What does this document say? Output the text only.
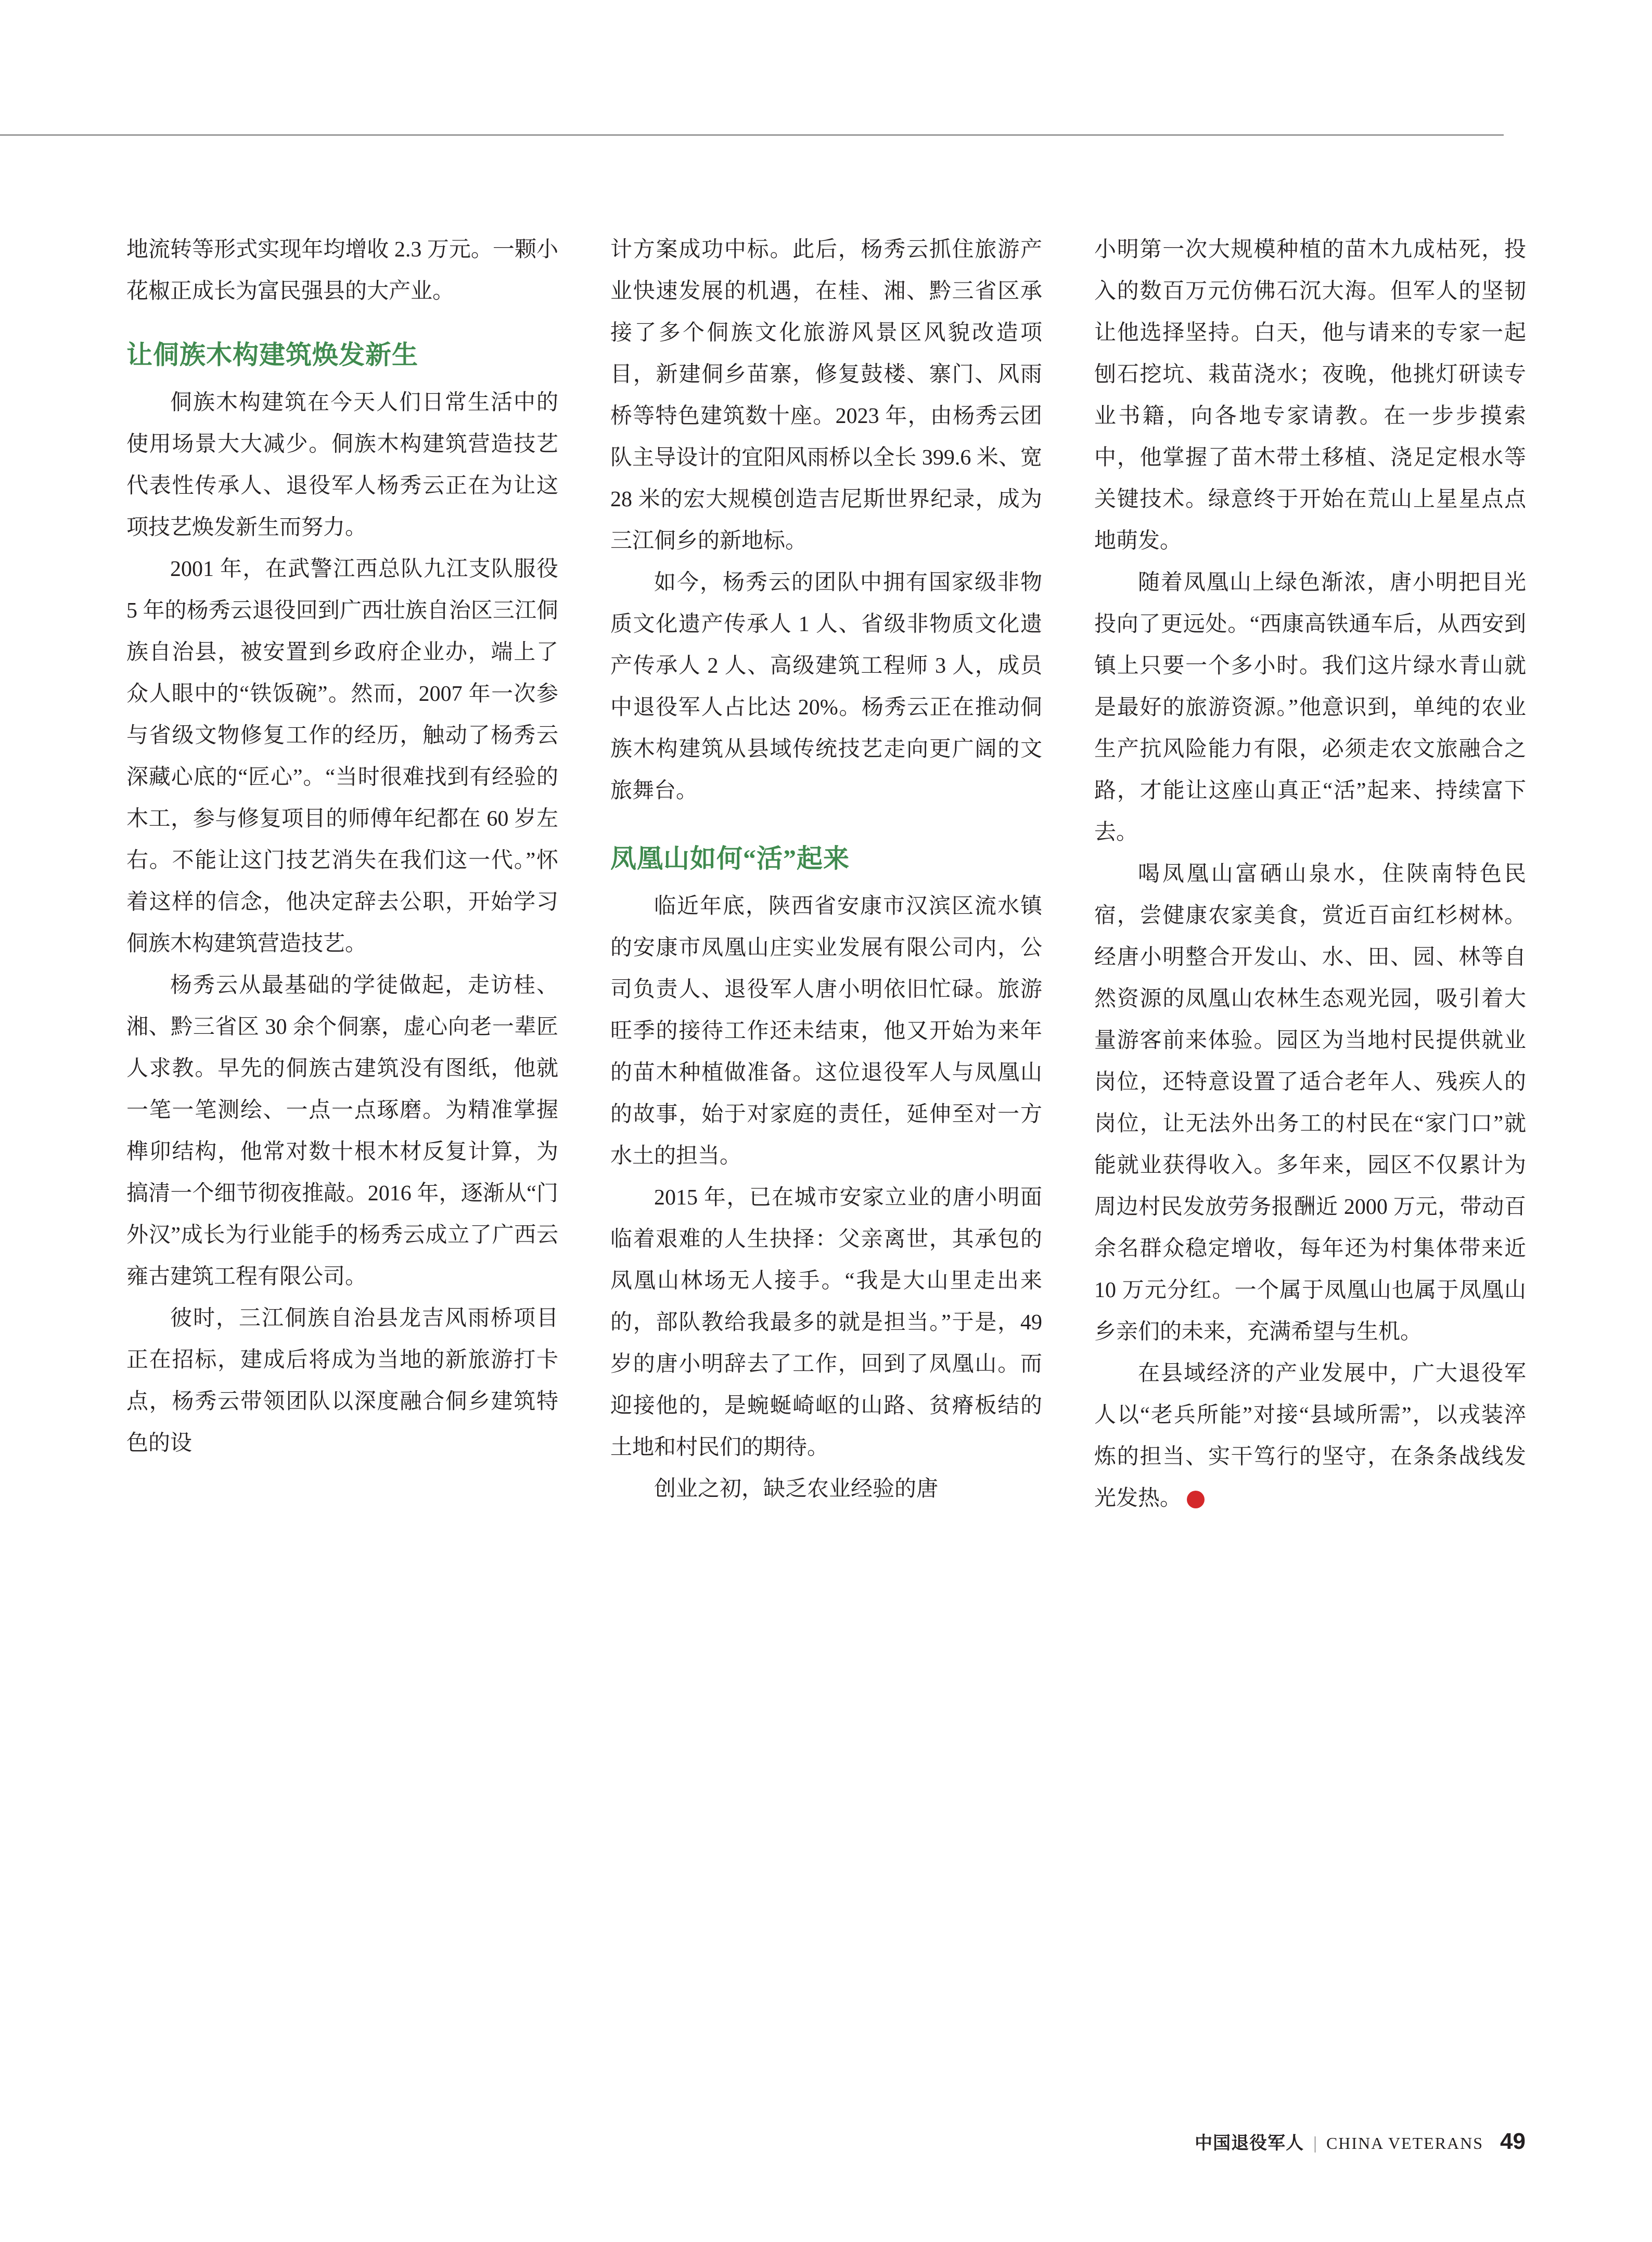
地流转等形式实现年均增收 2.3 万元。一颗小花椒正成长为富民强县的大产业。

让侗族木构建筑焕发新生

侗族木构建筑在今天人们日常生活中的使用场景大大减少。侗族木构建筑营造技艺代表性传承人、退役军人杨秀云正在为让这项技艺焕发新生而努力。

2001 年，在武警江西总队九江支队服役 5 年的杨秀云退役回到广西壮族自治区三江侗族自治县，被安置到乡政府企业办，端上了众人眼中的“铁饭碗”。然而，2007 年一次参与省级文物修复工作的经历，触动了杨秀云深藏心底的“匠心”。“当时很难找到有经验的木工，参与修复项目的师傅年纪都在 60 岁左右。不能让这门技艺消失在我们这一代。”怀着这样的信念，他决定辞去公职，开始学习侗族木构建筑营造技艺。

杨秀云从最基础的学徒做起，走访桂、湘、黔三省区 30 余个侗寨，虚心向老一辈匠人求教。早先的侗族古建筑没有图纸，他就一笔一笔测绘、一点一点琢磨。为精准掌握榫卯结构，他常对数十根木材反复计算，为搞清一个细节彻夜推敲。2016 年，逐渐从“门外汉”成长为行业能手的杨秀云成立了广西云雍古建筑工程有限公司。

彼时，三江侗族自治县龙吉风雨桥项目正在招标，建成后将成为当地的新旅游打卡点，杨秀云带领团队以深度融合侗乡建筑特色的设

计方案成功中标。此后，杨秀云抓住旅游产业快速发展的机遇，在桂、湘、黔三省区承接了多个侗族文化旅游风景区风貌改造项目，新建侗乡苗寨，修复鼓楼、寨门、风雨桥等特色建筑数十座。2023 年，由杨秀云团队主导设计的宜阳风雨桥以全长 399.6 米、宽 28 米的宏大规模创造吉尼斯世界纪录，成为三江侗乡的新地标。

如今，杨秀云的团队中拥有国家级非物质文化遗产传承人 1 人、省级非物质文化遗产传承人 2 人、高级建筑工程师 3 人，成员中退役军人占比达 20%。杨秀云正在推动侗族木构建筑从县域传统技艺走向更广阔的文旅舞台。

凤凰山如何“活”起来

临近年底，陕西省安康市汉滨区流水镇的安康市凤凰山庄实业发展有限公司内，公司负责人、退役军人唐小明依旧忙碌。旅游旺季的接待工作还未结束，他又开始为来年的苗木种植做准备。这位退役军人与凤凰山的故事，始于对家庭的责任，延伸至对一方水土的担当。

2015 年，已在城市安家立业的唐小明面临着艰难的人生抉择：父亲离世，其承包的凤凰山林场无人接手。“我是大山里走出来的，部队教给我最多的就是担当。”于是，49 岁的唐小明辞去了工作，回到了凤凰山。而迎接他的，是蜿蜒崎岖的山路、贫瘠板结的土地和村民们的期待。

创业之初，缺乏农业经验的唐

小明第一次大规模种植的苗木九成枯死，投入的数百万元仿佛石沉大海。但军人的坚韧让他选择坚持。白天，他与请来的专家一起刨石挖坑、栽苗浇水；夜晚，他挑灯研读专业书籍，向各地专家请教。在一步步摸索中，他掌握了苗木带土移植、浇足定根水等关键技术。绿意终于开始在荒山上星星点点地萌发。

随着凤凰山上绿色渐浓，唐小明把目光投向了更远处。“西康高铁通车后，从西安到镇上只要一个多小时。我们这片绿水青山就是最好的旅游资源。”他意识到，单纯的农业生产抗风险能力有限，必须走农文旅融合之路，才能让这座山真正“活”起来、持续富下去。

喝凤凰山富硒山泉水，住陕南特色民宿，尝健康农家美食，赏近百亩红杉树林。经唐小明整合开发山、水、田、园、林等自然资源的凤凰山农林生态观光园，吸引着大量游客前来体验。园区为当地村民提供就业岗位，还特意设置了适合老年人、残疾人的岗位，让无法外出务工的村民在“家门口”就能就业获得收入。多年来，园区不仅累计为周边村民发放劳务报酬近 2000 万元，带动百余名群众稳定增收，每年还为村集体带来近 10 万元分红。一个属于凤凰山也属于凤凰山乡亲们的未来，充满希望与生机。

在县域经济的产业发展中，广大退役军人以“老兵所能”对接“县域所需”，以戎装淬炼的担当、实干笃行的坚守，在条条战线发光发热。	V

中国退役军人 | CHINA VETERANS 49
